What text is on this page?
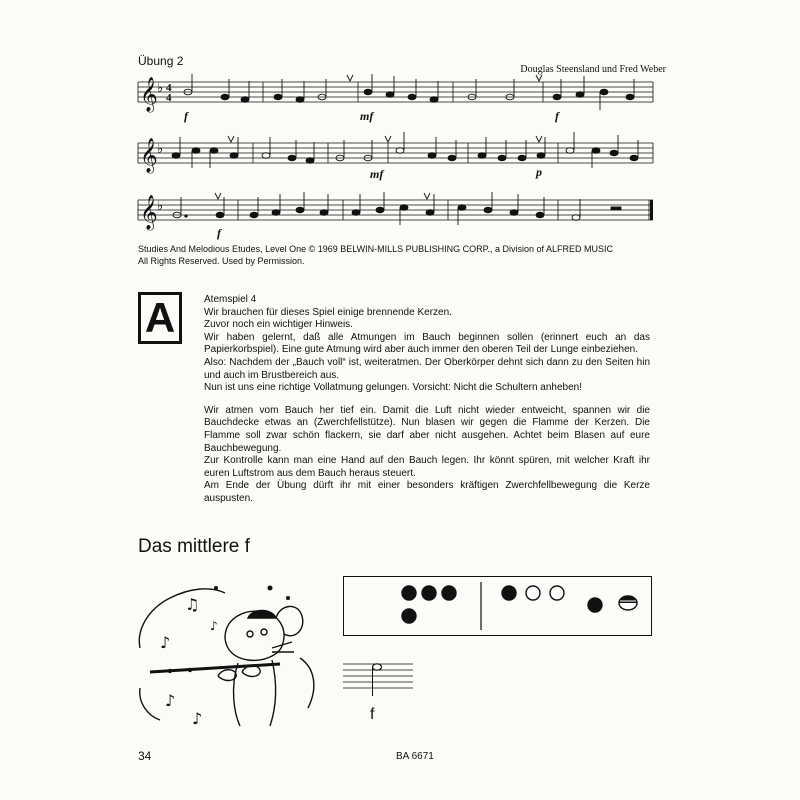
Übung 2
Douglas Steensland und Fred Weber
𝄞
𝄞
𝄞
♭
♭
♭
4
4
f	mf	f
mf	p
f
Studies And Melodious Etudes, Level One © 1969 BELWIN-MILLS PUBLISHING CORP., a Division of ALFRED MUSIC
All Rights Reserved. Used by Permission.
A	Atemspiel 4

Wir brauchen für dieses Spiel einige brennende Kerzen.

Zuvor noch ein wichtiger Hinweis.

Wir haben gelernt, daß alle Atmungen im Bauch beginnen sollen (erinnert euch an das Papierkorbspiel). Eine gute Atmung wird aber auch immer den oberen Teil der Lunge einbeziehen.

Also: Nachdem der „Bauch voll“ ist, weiteratmen. Der Oberkörper dehnt sich dann zu den Seiten hin und auch im Brustbereich aus.

Nun ist uns eine richtige Vollatmung gelungen. Vorsicht: Nicht die Schultern anheben!

Wir atmen vom Bauch her tief ein. Damit die Luft nicht wieder entweicht, spannen wir die Bauchdecke etwas an (Zwerchfellstütze). Nun blasen wir gegen die Flamme der Kerzen. Die Flamme soll zwar schön flackern, sie darf aber nicht ausgehen. Achtet beim Blasen auf eure Bauchbewegung.

Zur Kontrolle kann man eine Hand auf den Bauch legen. Ihr könnt spüren, mit welcher Kraft ihr euren Luftstrom aus dem Bauch heraus steuert.

Am Ende der Übung dürft ihr mit einer besonders kräftigen Zwerchfellbewegung die Kerze auspusten.

Das mittlere f
♫
♪
♪
♪
♪
f
34	BA 6671
